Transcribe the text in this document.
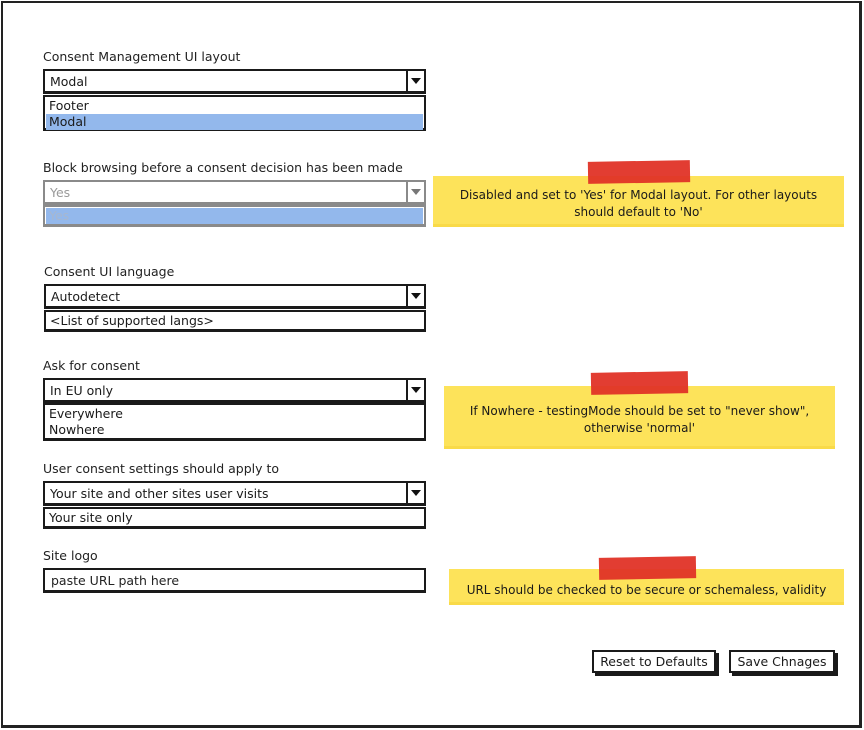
Consent Management UI layout
Modal
Footer
Modal
Block browsing before a consent decision has been made
Yes
Yes
Disabled and set to 'Yes' for Modal layout. For other layouts should default to 'No'
Consent UI language
Autodetect
<List of supported langs>
Ask for consent
In EU only
Everywhere
Nowhere
If Nowhere - testingMode should be set to "never show", otherwise 'normal'
User consent settings should apply to
Your site and other sites user visits
Your site only
Site logo
paste URL path here
URL should be checked to be secure or schemaless, validity
Reset to Defaults	Save Chnages
